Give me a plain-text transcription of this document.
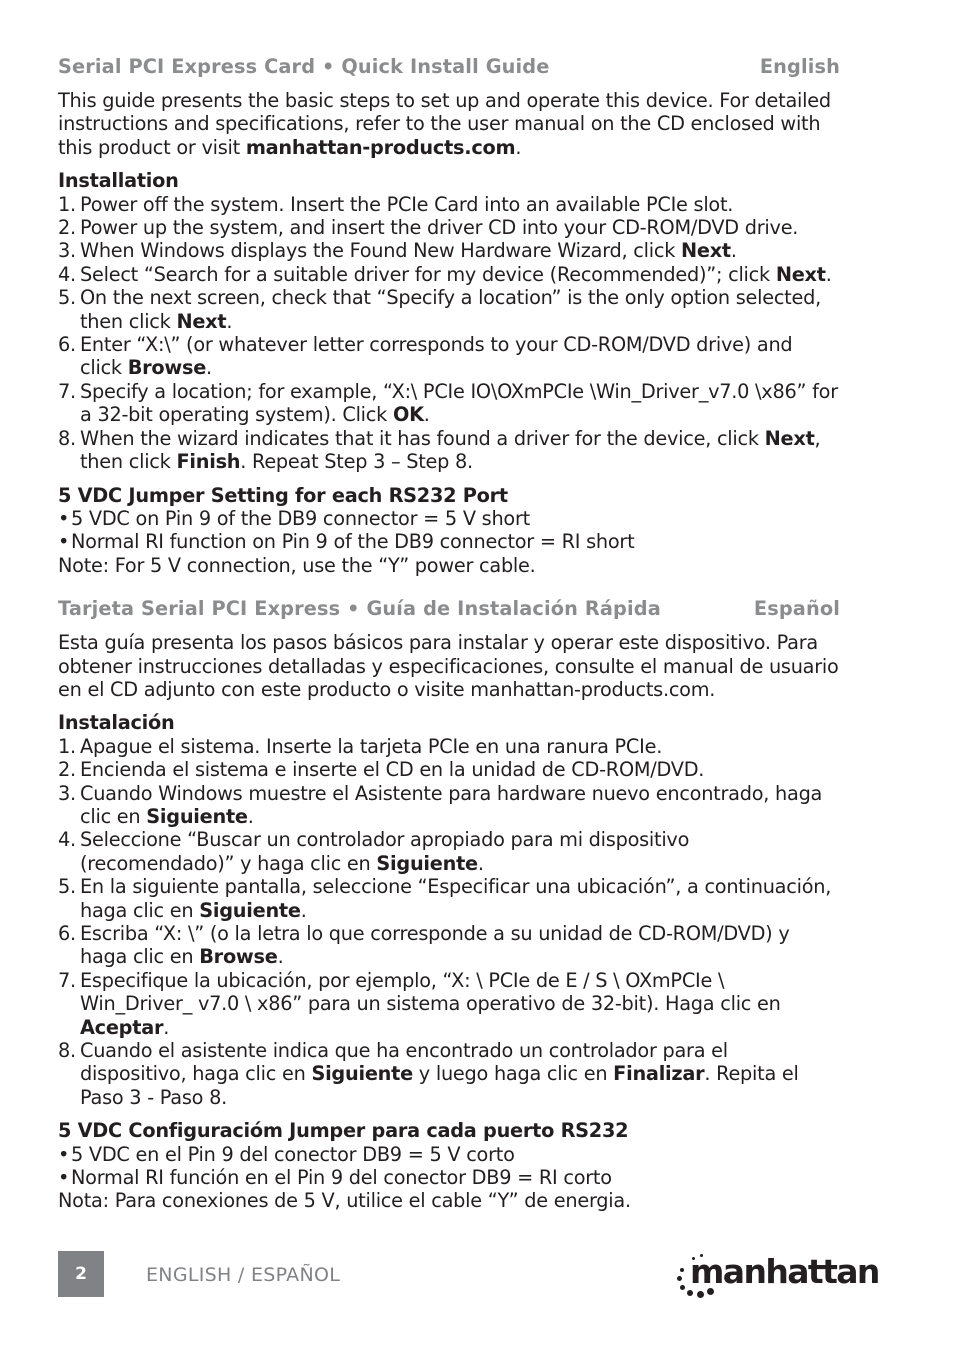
Serial PCI Express Card • Quick Install Guide	English

This guide presents the basic steps to set up and operate this device. For detailed instructions and specifications, refer to the user manual on the CD enclosed with this product or visit manhattan-products.com.

Installation

1. Power off the system. Insert the PCIe Card into an available PCIe slot.
2. Power up the system, and insert the driver CD into your CD-ROM/DVD drive.
3. When Windows displays the Found New Hardware Wizard, click Next.
4. Select “Search for a suitable driver for my device (Recommended)”; click Next.
5. On the next screen, check that “Specify a location” is the only option selected, then click Next.
6. Enter “X:\” (or whatever letter corresponds to your CD-ROM/DVD drive) and click Browse.
7. Specify a location; for example, “X:\ PCIe IO\OXmPCIe \Win_Driver_v7.0 \x86” for a 32-bit operating system). Click OK.
8. When the wizard indicates that it has found a driver for the device, click Next, then click Finish. Repeat Step 3 – Step 8.

5 VDC Jumper Setting for each RS232 Port

• 5 VDC on Pin 9 of the DB9 connector = 5 V short
• Normal RI function on Pin 9 of the DB9 connector = RI short

Note: For 5 V connection, use the “Y” power cable.

Tarjeta Serial PCI Express • Guía de Instalación Rápida	Español

Esta guía presenta los pasos básicos para instalar y operar este dispositivo. Para obtener instrucciones detalladas y especificaciones, consulte el manual de usuario en el CD adjunto con este producto o visite manhattan-products.com.

Instalación

1. Apague el sistema. Inserte la tarjeta PCIe en una ranura PCIe.
2. Encienda el sistema e inserte el CD en la unidad de CD-ROM/DVD.
3. Cuando Windows muestre el Asistente para hardware nuevo encontrado, haga clic en Siguiente.
4. Seleccione “Buscar un controlador apropiado para mi dispositivo (recomendado)” y haga clic en Siguiente.
5. En la siguiente pantalla, seleccione “Especificar una ubicación”, a continuación, haga clic en Siguiente.
6. Escriba “X: \” (o la letra lo que corresponde a su unidad de CD-ROM/DVD) y haga clic en Browse.
7. Especifique la ubicación, por ejemplo, “X: \ PCIe de E / S \ OXmPCIe \ Win_Driver_ v7.0 \ x86” para un sistema operativo de 32-bit). Haga clic en Aceptar.
8. Cuando el asistente indica que ha encontrado un controlador para el dispositivo, haga clic en Siguiente y luego haga clic en Finalizar. Repita el Paso 3 - Paso 8.

5 VDC Configuracióm Jumper para cada puerto RS232

• 5 VDC en el Pin 9 del conector DB9 = 5 V corto
• Normal RI función en el Pin 9 del conector DB9 = RI corto

Nota: Para conexiones de 5 V, utilice el cable “Y” de energia.

2	ENGLISH / ESPAÑOL	manhattan
